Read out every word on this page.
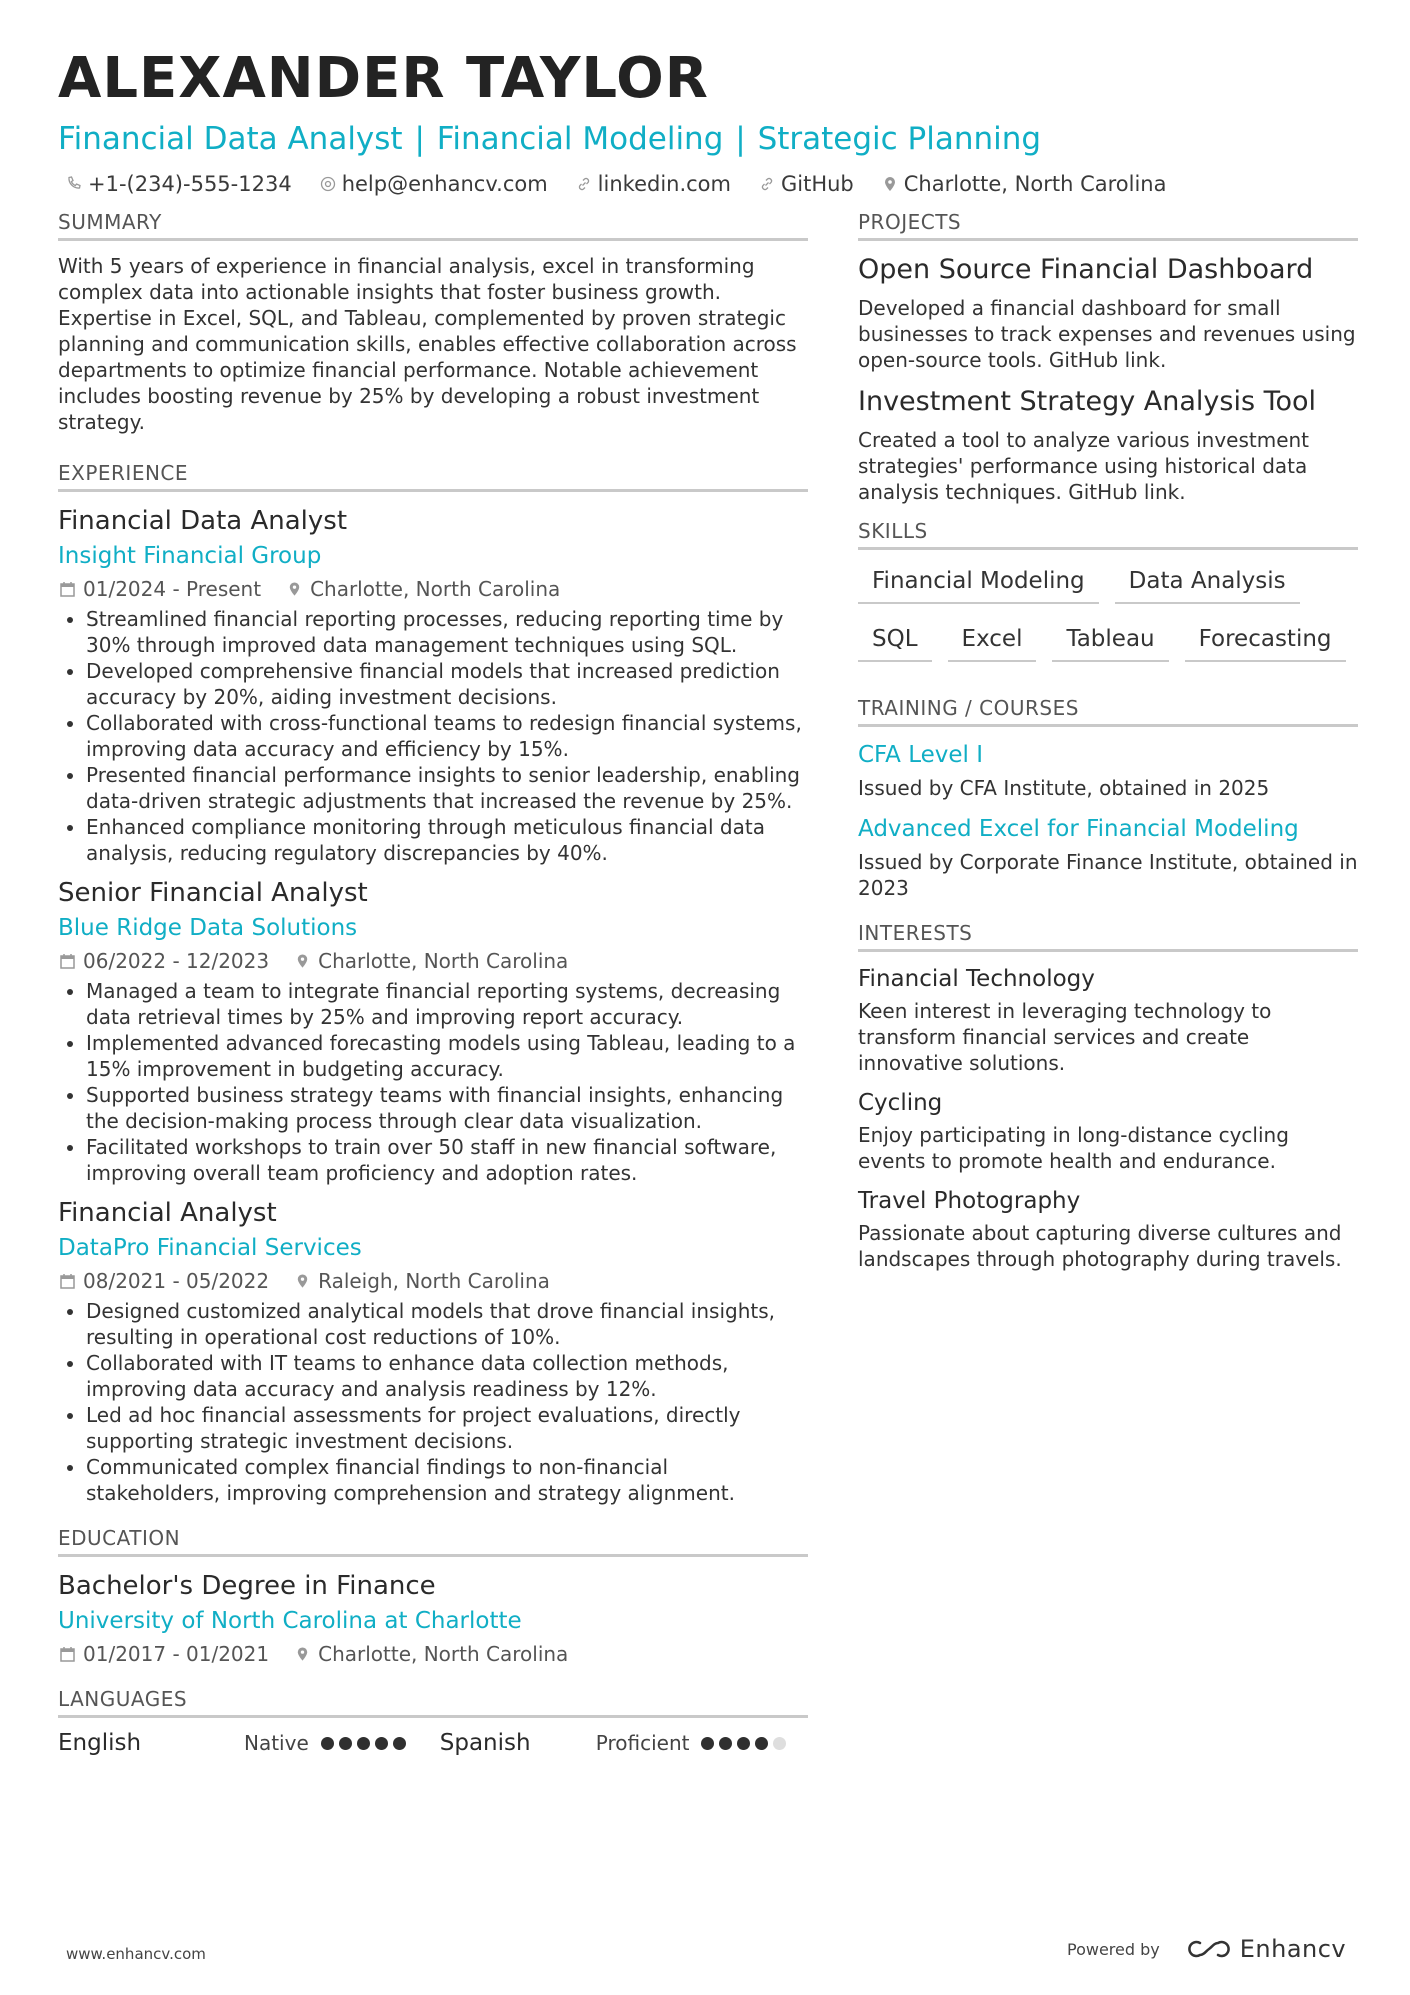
ALEXANDER TAYLOR
Financial Data Analyst | Financial Modeling | Strategic Planning
+1-(234)-555-1234 help@enhancv.com linkedin.com GitHub Charlotte, North Carolina
SUMMARY

With 5 years of experience in financial analysis, excel in transforming complex data into actionable insights that foster business growth. Expertise in Excel, SQL, and Tableau, complemented by proven strategic planning and communication skills, enables effective collaboration across departments to optimize financial performance. Notable achievement includes boosting revenue by 25% by developing a robust investment strategy.

EXPERIENCE
Financial Data Analyst
Insight Financial Group
01/2024 - Present Charlotte, North Carolina
• Streamlined financial reporting processes, reducing reporting time by 30% through improved data management techniques using SQL.
• Developed comprehensive financial models that increased prediction accuracy by 20%, aiding investment decisions.
• Collaborated with cross-functional teams to redesign financial systems, improving data accuracy and efficiency by 15%.
• Presented financial performance insights to senior leadership, enabling data-driven strategic adjustments that increased the revenue by 25%.
• Enhanced compliance monitoring through meticulous financial data analysis, reducing regulatory discrepancies by 40%.
Senior Financial Analyst
Blue Ridge Data Solutions
06/2022 - 12/2023 Charlotte, North Carolina
• Managed a team to integrate financial reporting systems, decreasing data retrieval times by 25% and improving report accuracy.
• Implemented advanced forecasting models using Tableau, leading to a 15% improvement in budgeting accuracy.
• Supported business strategy teams with financial insights, enhancing the decision-making process through clear data visualization.
• Facilitated workshops to train over 50 staff in new financial software, improving overall team proficiency and adoption rates.
Financial Analyst
DataPro Financial Services
08/2021 - 05/2022 Raleigh, North Carolina
• Designed customized analytical models that drove financial insights, resulting in operational cost reductions of 10%.
• Collaborated with IT teams to enhance data collection methods, improving data accuracy and analysis readiness by 12%.
• Led ad hoc financial assessments for project evaluations, directly supporting strategic investment decisions.
• Communicated complex financial findings to non-financial stakeholders, improving comprehension and strategy alignment.
EDUCATION
Bachelor's Degree in Finance
University of North Carolina at Charlotte
01/2017 - 01/2021 Charlotte, North Carolina
LANGUAGES
English	Native	Spanish	Proficient
PROJECTS
Open Source Financial Dashboard

Developed a financial dashboard for small businesses to track expenses and revenues using open-source tools. GitHub link.

Investment Strategy Analysis Tool

Created a tool to analyze various investment strategies' performance using historical data analysis techniques. GitHub link.

SKILLS
Financial Modeling	Data Analysis
SQL	Excel	Tableau	Forecasting
TRAINING / COURSES
CFA Level I

Issued by CFA Institute, obtained in 2025

Advanced Excel for Financial Modeling

Issued by Corporate Finance Institute, obtained in 2023

INTERESTS
Financial Technology

Keen interest in leveraging technology to transform financial services and create innovative solutions.

Cycling

Enjoy participating in long-distance cycling events to promote health and endurance.

Travel Photography

Passionate about capturing diverse cultures and landscapes through photography during travels.

www.enhancv.com	Powered by	Enhancv
